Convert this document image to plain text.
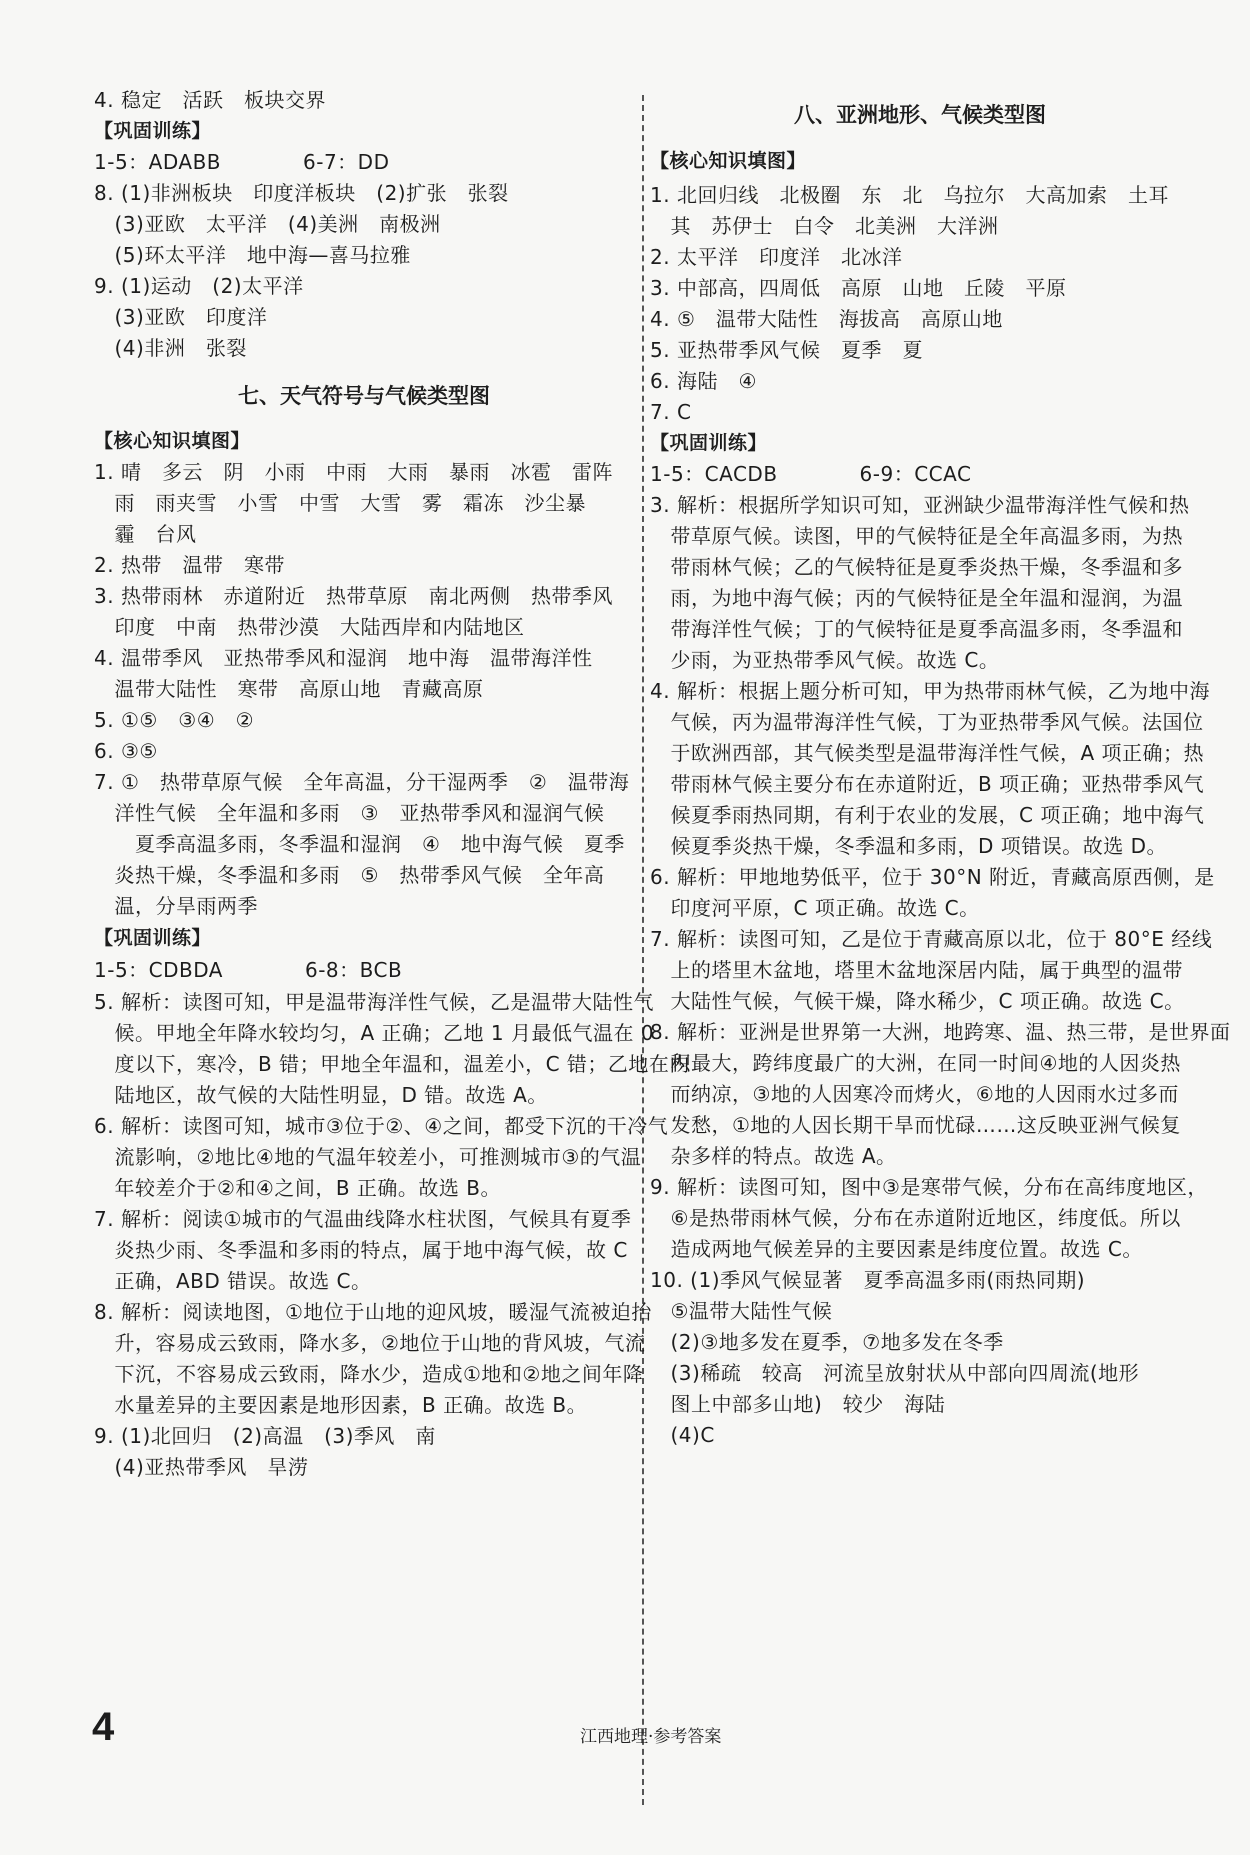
4. 稳定　活跃　板块交界
【巩固训练】
1-5：ADABB　　　　6-7：DD
8. (1)非洲板块　印度洋板块　(2)扩张　张裂
　(3)亚欧　太平洋　(4)美洲　南极洲
　(5)环太平洋　地中海—喜马拉雅
9. (1)运动　(2)太平洋
　(3)亚欧　印度洋
　(4)非洲　张裂
七、天气符号与气候类型图
【核心知识填图】
1. 晴　多云　阴　小雨　中雨　大雨　暴雨　冰雹　雷阵
　雨　雨夹雪　小雪　中雪　大雪　雾　霜冻　沙尘暴
　霾　台风
2. 热带　温带　寒带
3. 热带雨林　赤道附近　热带草原　南北两侧　热带季风
　印度　中南　热带沙漠　大陆西岸和内陆地区
4. 温带季风　亚热带季风和湿润　地中海　温带海洋性
　温带大陆性　寒带　高原山地　青藏高原
5. ①⑤　③④　②
6. ③⑤
7. ①　热带草原气候　全年高温，分干湿两季　②　温带海
　洋性气候　全年温和多雨　③　亚热带季风和湿润气候
　　夏季高温多雨，冬季温和湿润　④　地中海气候　夏季
　炎热干燥，冬季温和多雨　⑤　热带季风气候　全年高
　温，分旱雨两季
【巩固训练】
1-5：CDBDA　　　　6-8：BCB
5. 解析：读图可知，甲是温带海洋性气候，乙是温带大陆性气
　候。甲地全年降水较均匀，A 正确；乙地 1 月最低气温在 0
　度以下，寒冷，B 错；甲地全年温和，温差小，C 错；乙地在内
　陆地区，故气候的大陆性明显，D 错。故选 A。
6. 解析：读图可知，城市③位于②、④之间，都受下沉的干冷气
　流影响，②地比④地的气温年较差小，可推测城市③的气温
　年较差介于②和④之间，B 正确。故选 B。
7. 解析：阅读①城市的气温曲线降水柱状图，气候具有夏季
　炎热少雨、冬季温和多雨的特点，属于地中海气候，故 C
　正确，ABD 错误。故选 C。
8. 解析：阅读地图，①地位于山地的迎风坡，暖湿气流被迫抬
　升，容易成云致雨，降水多，②地位于山地的背风坡，气流
　下沉，不容易成云致雨，降水少，造成①地和②地之间年降
　水量差异的主要因素是地形因素，B 正确。故选 B。
9. (1)北回归　(2)高温　(3)季风　南
　(4)亚热带季风　旱涝
八、亚洲地形、气候类型图
【核心知识填图】
1. 北回归线　北极圈　东　北　乌拉尔　大高加索　土耳
　其　苏伊士　白令　北美洲　大洋洲
2. 太平洋　印度洋　北冰洋
3. 中部高，四周低　高原　山地　丘陵　平原
4. ⑤　温带大陆性　海拔高　高原山地
5. 亚热带季风气候　夏季　夏
6. 海陆　④
7. C
【巩固训练】
1-5：CACDB　　　　6-9：CCAC
3. 解析：根据所学知识可知，亚洲缺少温带海洋性气候和热
　带草原气候。读图，甲的气候特征是全年高温多雨，为热
　带雨林气候；乙的气候特征是夏季炎热干燥，冬季温和多
　雨，为地中海气候；丙的气候特征是全年温和湿润，为温
　带海洋性气候；丁的气候特征是夏季高温多雨，冬季温和
　少雨，为亚热带季风气候。故选 C。
4. 解析：根据上题分析可知，甲为热带雨林气候，乙为地中海
　气候，丙为温带海洋性气候，丁为亚热带季风气候。法国位
　于欧洲西部，其气候类型是温带海洋性气候，A 项正确；热
　带雨林气候主要分布在赤道附近，B 项正确；亚热带季风气
　候夏季雨热同期，有利于农业的发展，C 项正确；地中海气
　候夏季炎热干燥，冬季温和多雨，D 项错误。故选 D。
6. 解析：甲地地势低平，位于 30°N 附近，青藏高原西侧，是
　印度河平原，C 项正确。故选 C。
7. 解析：读图可知，乙是位于青藏高原以北，位于 80°E 经线
　上的塔里木盆地，塔里木盆地深居内陆，属于典型的温带
　大陆性气候，气候干燥，降水稀少，C 项正确。故选 C。
8. 解析：亚洲是世界第一大洲，地跨寒、温、热三带，是世界面
　积最大，跨纬度最广的大洲，在同一时间④地的人因炎热
　而纳凉，③地的人因寒冷而烤火，⑥地的人因雨水过多而
　发愁，①地的人因长期干旱而忧碌……这反映亚洲气候复
　杂多样的特点。故选 A。
9. 解析：读图可知，图中③是寒带气候，分布在高纬度地区，
　⑥是热带雨林气候，分布在赤道附近地区，纬度低。所以
　造成两地气候差异的主要因素是纬度位置。故选 C。
10. (1)季风气候显著　夏季高温多雨(雨热同期)
　⑤温带大陆性气候
　(2)③地多发在夏季，⑦地多发在冬季
　(3)稀疏　较高　河流呈放射状从中部向四周流(地形
　图上中部多山地)　较少　海陆
　(4)C
4	江西地理·参考答案
